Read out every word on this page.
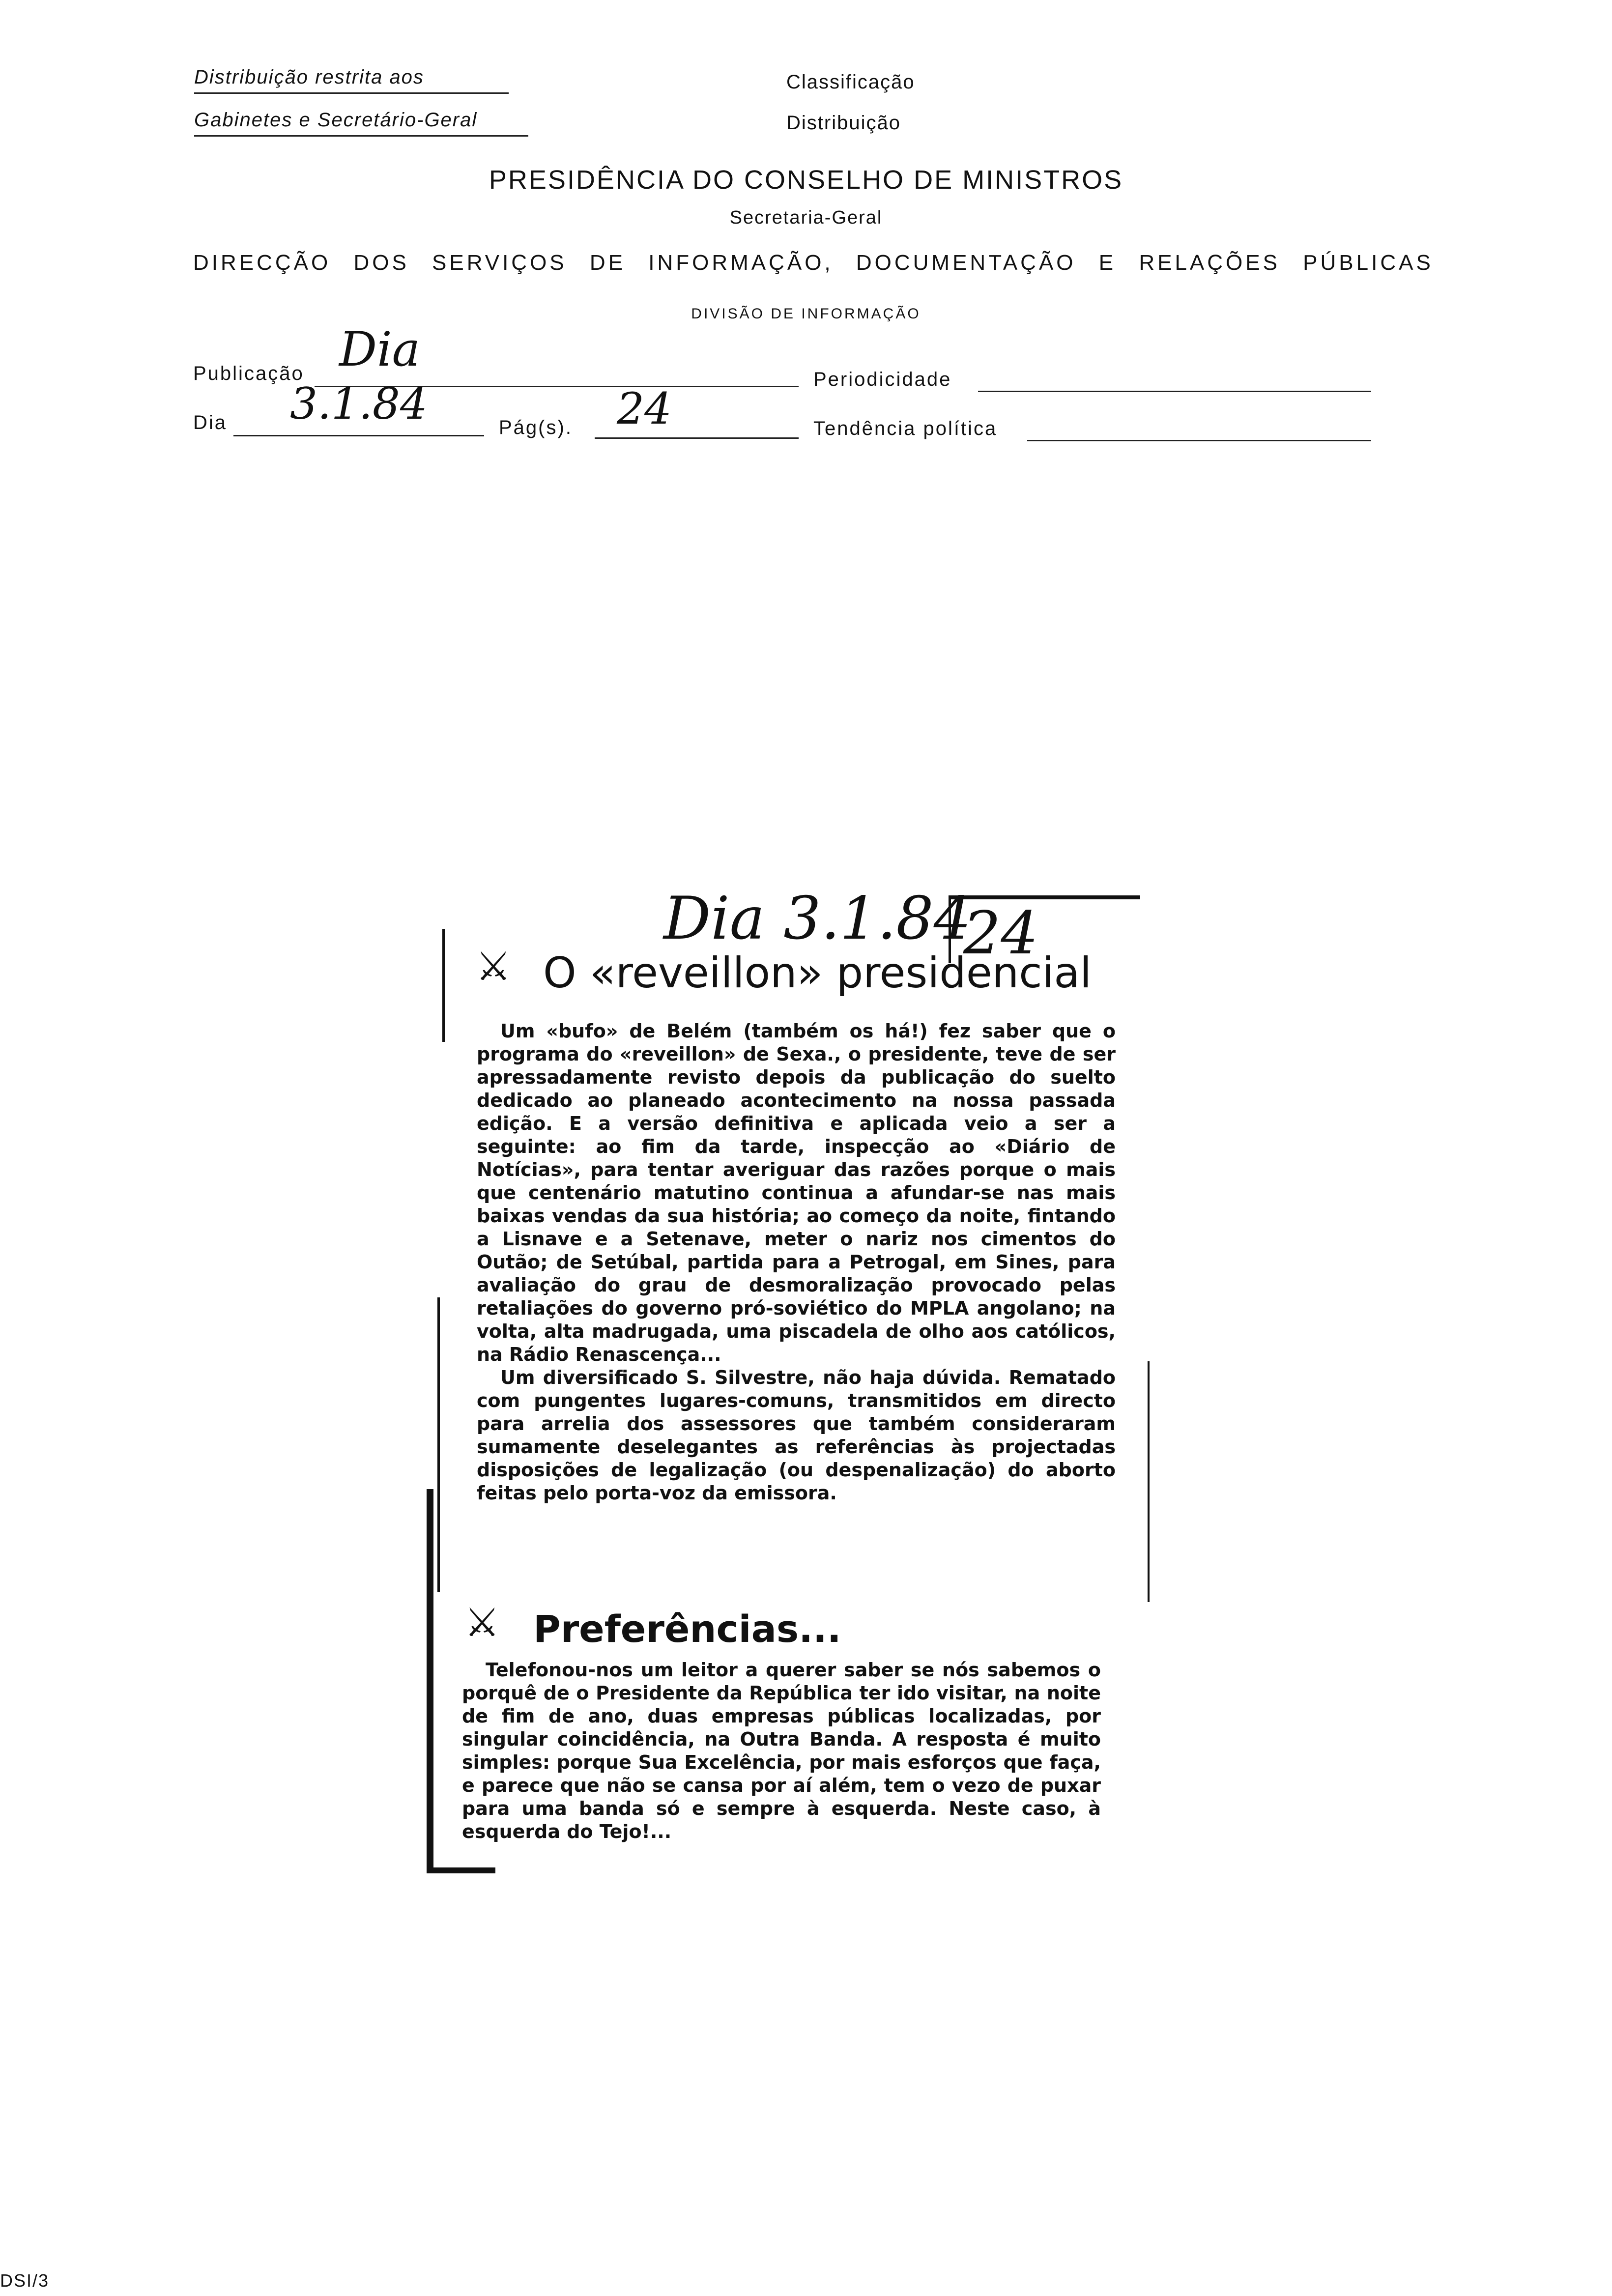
Distribuição restrita aos
Gabinetes e Secretário-Geral
Classificação
Distribuição
PRESIDÊNCIA DO CONSELHO DE MINISTROS
Secretaria-Geral
DIRECÇÃO DOS SERVIÇOS DE INFORMAÇÃO, DOCUMENTAÇÃO E RELAÇÕES PÚBLICAS
DIVISÃO DE INFORMAÇÃO
Publicação Dia
Periodicidade
Dia 3.1.84	Pág(s). 24	Tendência política
Dia 3.1.84
24
⚔ O «reveillon» presidencial

Um «bufo» de Belém (também os há!) fez saber que o programa do «reveillon» de Sexa., o presidente, teve de ser apressadamente revisto depois da publicação do suelto dedicado ao planeado acontecimento na nossa passada edição. E a versão definitiva e aplicada veio a ser a seguinte: ao fim da tarde, inspecção ao «Diário de Notícias», para tentar averiguar das razões porque o mais que centenário matutino continua a afundar-se nas mais baixas vendas da sua história; ao começo da noite, fintando a Lisnave e a Setenave, meter o nariz nos cimentos do Outão; de Setúbal, partida para a Petrogal, em Sines, para avaliação do grau de desmoralização provocado pelas retaliações do governo pró-soviético do MPLA angolano; na volta, alta madrugada, uma piscadela de olho aos católicos, na Rádio Renascença...

Um diversificado S. Silvestre, não haja dúvida. Rematado com pungentes lugares-comuns, transmitidos em directo para arrelia dos assessores que também consideraram sumamente deselegantes as referências às projectadas disposições de legalização (ou despenalização) do aborto feitas pelo porta-voz da emissora.

⚔ Preferências...

Telefonou-nos um leitor a querer saber se nós sabemos o porquê de o Presidente da República ter ido visitar, na noite de fim de ano, duas empresas públicas localizadas, por singular coincidência, na Outra Banda. A resposta é muito simples: porque Sua Excelência, por mais esforços que faça, e parece que não se cansa por aí além, tem o vezo de puxar para uma banda só e sempre à esquerda. Neste caso, à esquerda do Tejo!...

DSI/3
